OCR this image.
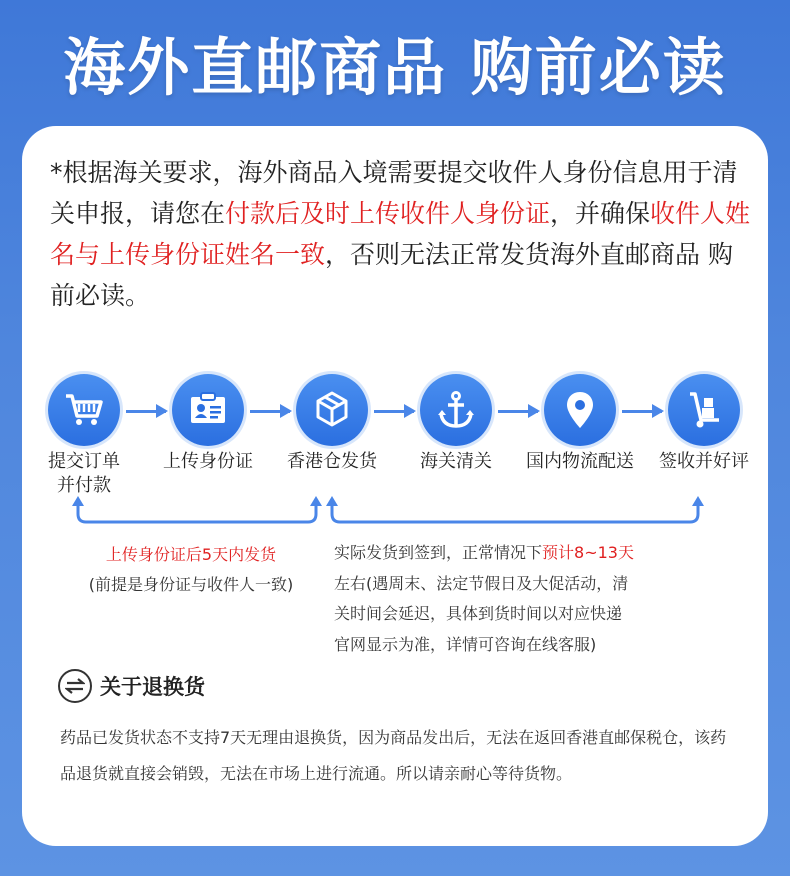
海外直邮商品 购前必读
*根据海关要求，海外商品入境需要提交收件人身份信息用于清关申报，请您在付款后及时上传收件人身份证，并确保收件人姓名与上传身份证姓名一致，否则无法正常发货海外直邮商品 购前必读。
提交订单
并付款
上传身份证	香港仓发货	海关清关	国内物流配送	签收并好评
上传身份证后5天内发货
(前提是身份证与收件人一致)
实际发货到签到，正常情况下预计8~13天
左右(遇周末、法定节假日及大促活动，清
关时间会延迟，具体到货时间以对应快递
官网显示为准，详情可咨询在线客服)
关于退换货
药品已发货状态不支持7天无理由退换货，因为商品发出后，无法在返回香港直邮保税仓，该药品退货就直接会销毁，无法在市场上进行流通。所以请亲耐心等待货物。
